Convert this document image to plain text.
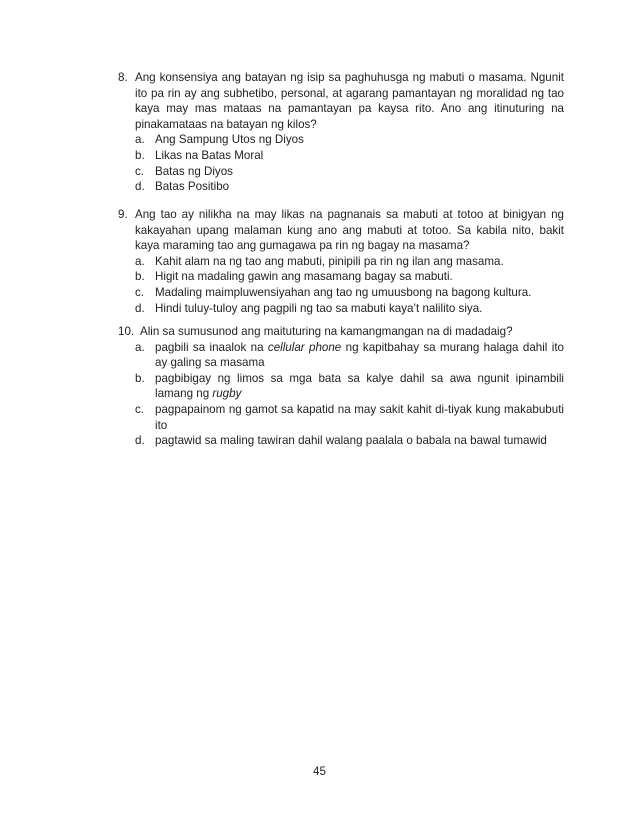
8. Ang konsensiya ang batayan ng isip sa paghuhusga ng mabuti o masama. Ngunit ito pa rin ay ang subhetibo, personal, at agarang pamantayan ng moralidad ng tao kaya may mas mataas na pamantayan pa kaysa rito. Ano ang itinuturing na pinakamataas na batayan ng kilos?
a. Ang Sampung Utos ng Diyos
b. Likas na Batas Moral
c. Batas ng Diyos
d. Batas Positibo
9. Ang tao ay nilikha na may likas na pagnanais sa mabuti at totoo at binigyan ng kakayahan upang malaman kung ano ang mabuti at totoo. Sa kabila nito, bakit kaya maraming tao ang gumagawa pa rin ng bagay na masama?
a. Kahit alam na ng tao ang mabuti, pinipili pa rin ng ilan ang masama.
b. Higit na madaling gawin ang masamang bagay sa mabuti.
c. Madaling maimpluwensiyahan ang tao ng umuusbong na bagong kultura.
d. Hindi tuluy-tuloy ang pagpili ng tao sa mabuti kaya’t nalilito siya.
10. Alin sa sumusunod ang maituturing na kamangmangan na di madadaig?
a. pagbili sa inaalok na cellular phone ng kapitbahay sa murang halaga dahil ito ay galing sa masama
b. pagbibigay ng limos sa mga bata sa kalye dahil sa awa ngunit ipinambili lamang ng rugby
c. pagpapainom ng gamot sa kapatid na may sakit kahit di-tiyak kung makabubuti ito
d. pagtawid sa maling tawiran dahil walang paalala o babala na bawal tumawid
45
